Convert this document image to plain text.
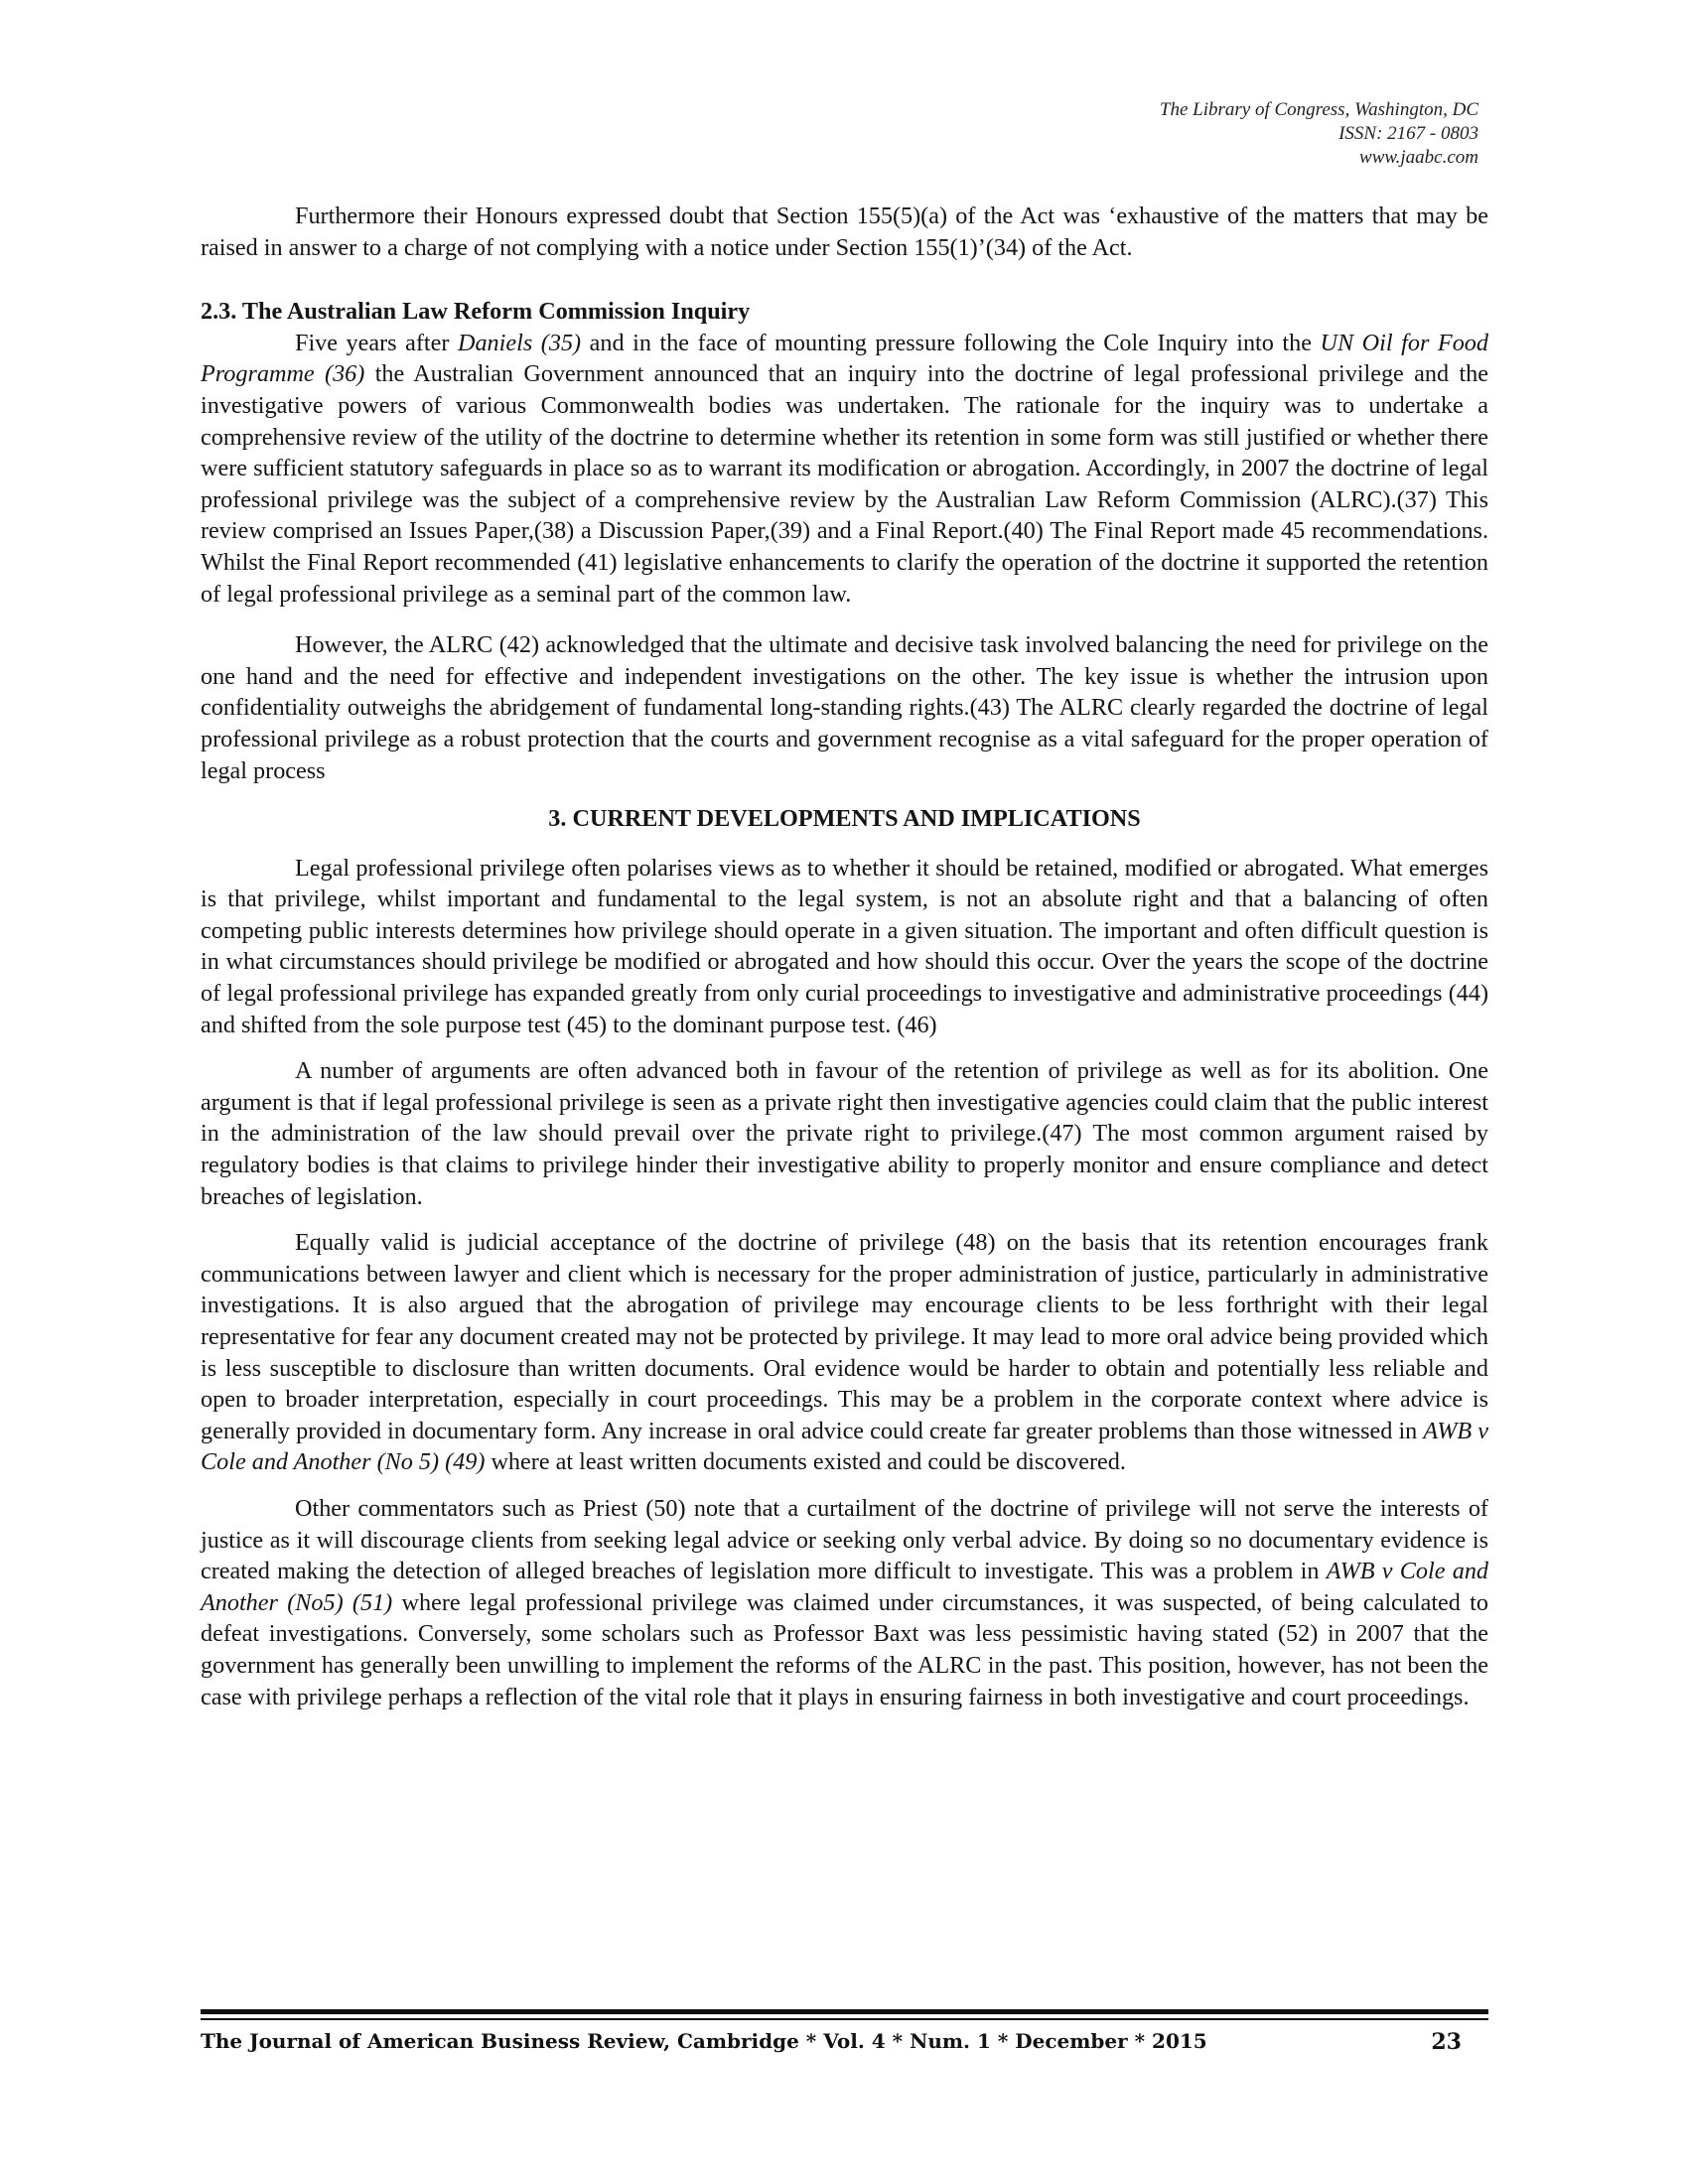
The Library of Congress, Washington, DC
ISSN: 2167 - 0803
www.jaabc.com

Furthermore their Honours expressed doubt that Section 155(5)(a) of the Act was ‘exhaustive of the matters that may be raised in answer to a charge of not complying with a notice under Section 155(1)’(34) of the Act.

2.3. The Australian Law Reform Commission Inquiry

Five years after Daniels (35) and in the face of mounting pressure following the Cole Inquiry into the UN Oil for Food Programme (36) the Australian Government announced that an inquiry into the doctrine of legal professional privilege and the investigative powers of various Commonwealth bodies was undertaken. The rationale for the inquiry was to undertake a comprehensive review of the utility of the doctrine to determine whether its retention in some form was still justified or whether there were sufficient statutory safeguards in place so as to warrant its modification or abrogation. Accordingly, in 2007 the doctrine of legal professional privilege was the subject of a comprehensive review by the Australian Law Reform Commission (ALRC).(37) This review comprised an Issues Paper,(38) a Discussion Paper,(39) and a Final Report.(40) The Final Report made 45 recommendations. Whilst the Final Report recommended (41) legislative enhancements to clarify the operation of the doctrine it supported the retention of legal professional privilege as a seminal part of the common law.

However, the ALRC (42) acknowledged that the ultimate and decisive task involved balancing the need for privilege on the one hand and the need for effective and independent investigations on the other. The key issue is whether the intrusion upon confidentiality outweighs the abridgement of fundamental long-standing rights.(43) The ALRC clearly regarded the doctrine of legal professional privilege as a robust protection that the courts and government recognise as a vital safeguard for the proper operation of legal process

3. CURRENT DEVELOPMENTS AND IMPLICATIONS

Legal professional privilege often polarises views as to whether it should be retained, modified or abrogated. What emerges is that privilege, whilst important and fundamental to the legal system, is not an absolute right and that a balancing of often competing public interests determines how privilege should operate in a given situation. The important and often difficult question is in what circumstances should privilege be modified or abrogated and how should this occur. Over the years the scope of the doctrine of legal professional privilege has expanded greatly from only curial proceedings to investigative and administrative proceedings (44) and shifted from the sole purpose test (45) to the dominant purpose test. (46)

A number of arguments are often advanced both in favour of the retention of privilege as well as for its abolition. One argument is that if legal professional privilege is seen as a private right then investigative agencies could claim that the public interest in the administration of the law should prevail over the private right to privilege.(47) The most common argument raised by regulatory bodies is that claims to privilege hinder their investigative ability to properly monitor and ensure compliance and detect breaches of legislation.

Equally valid is judicial acceptance of the doctrine of privilege (48) on the basis that its retention encourages frank communications between lawyer and client which is necessary for the proper administration of justice, particularly in administrative investigations. It is also argued that the abrogation of privilege may encourage clients to be less forthright with their legal representative for fear any document created may not be protected by privilege. It may lead to more oral advice being provided which is less susceptible to disclosure than written documents. Oral evidence would be harder to obtain and potentially less reliable and open to broader interpretation, especially in court proceedings. This may be a problem in the corporate context where advice is generally provided in documentary form. Any increase in oral advice could create far greater problems than those witnessed in AWB v Cole and Another (No 5) (49) where at least written documents existed and could be discovered.

Other commentators such as Priest (50) note that a curtailment of the doctrine of privilege will not serve the interests of justice as it will discourage clients from seeking legal advice or seeking only verbal advice. By doing so no documentary evidence is created making the detection of alleged breaches of legislation more difficult to investigate. This was a problem in AWB v Cole and Another (No5) (51) where legal professional privilege was claimed under circumstances, it was suspected, of being calculated to defeat investigations. Conversely, some scholars such as Professor Baxt was less pessimistic having stated (52) in 2007 that the government has generally been unwilling to implement the reforms of the ALRC in the past. This position, however, has not been the case with privilege perhaps a reflection of the vital role that it plays in ensuring fairness in both investigative and court proceedings.

The Journal of American Business Review, Cambridge * Vol. 4 * Num. 1 * December * 2015	23
